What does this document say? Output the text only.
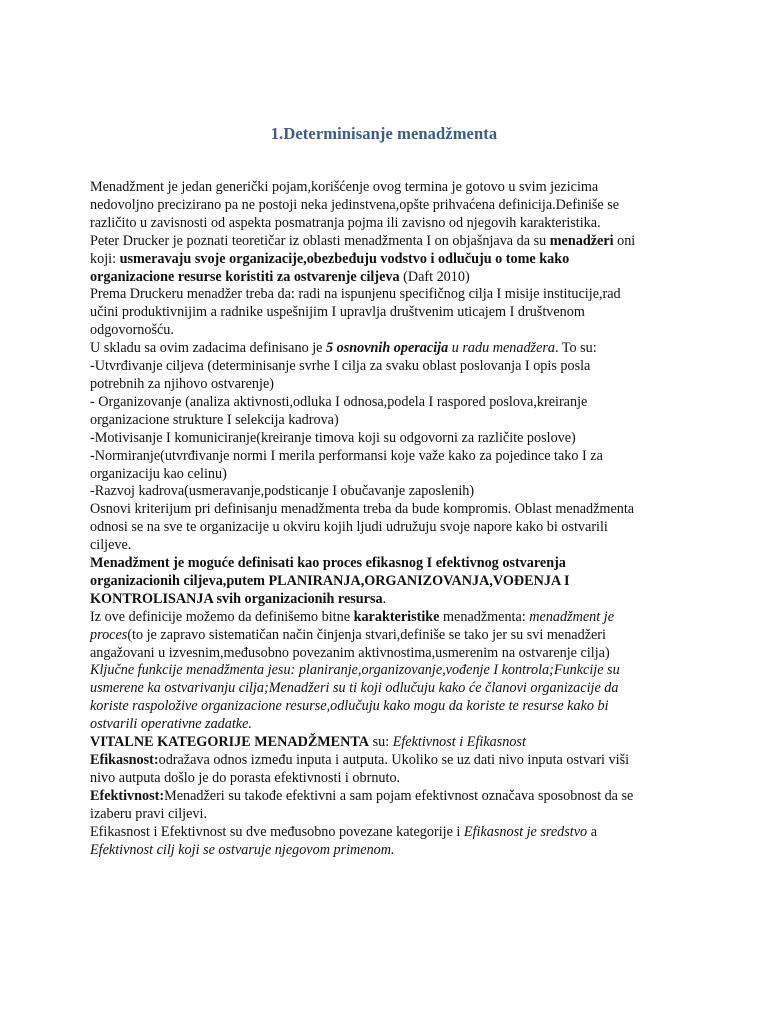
1.Determinisanje menadžmenta
Menadžment je jedan generički pojam,korišćenje ovog termina je gotovo u svim jezicima
nedovoljno precizirano pa ne postoji neka jedinstvena,opšte prihvaćena definicija.Definiše se
različito u zavisnosti od aspekta posmatranja pojma ili zavisno od njegovih karakteristika.
Peter Drucker je poznati teoretičar iz oblasti menadžmenta I on objašnjava da su menadžeri oni
koji: usmeravaju svoje organizacije,obezbeđuju vodstvo i odlučuju o tome kako
organizacione resurse koristiti za ostvarenje ciljeva (Daft 2010)
Prema Druckeru menadžer treba da: radi na ispunjenu specifičnog cilja I misije institucije,rad
učini produktivnijim a radnike uspešnijim I upravlja društvenim uticajem I društvenom
odgovornošću.
U skladu sa ovim zadacima definisano je 5 osnovnih operacija u radu menadžera. To su:
-Utvrđivanje ciljeva (determinisanje svrhe I cilja za svaku oblast poslovanja I opis posla
potrebnih za njihovo ostvarenje)
- Organizovanje (analiza aktivnosti,odluka I odnosa,podela I raspored poslova,kreiranje
organizacione strukture I selekcija kadrova)
-Motivisanje I komuniciranje(kreiranje timova koji su odgovorni za različite poslove)
-Normiranje(utvrđivanje normi I merila performansi koje važe kako za pojedince tako I za
organizaciju kao celinu)
-Razvoj kadrova(usmeravanje,podsticanje I obučavanje zaposlenih)
Osnovi kriterijum pri definisanju menadžmenta treba da bude kompromis. Oblast menadžmenta
odnosi se na sve te organizacije u okviru kojih ljudi udružuju svoje napore kako bi ostvarili
ciljeve.
Menadžment je moguće definisati kao proces efikasnog I efektivnog ostvarenja
organizacionih ciljeva,putem PLANIRANJA,ORGANIZOVANJA,VOĐENJA I
KONTROLISANJA svih organizacionih resursa.
Iz ove definicije možemo da definišemo bitne karakteristike menadžmenta: menadžment je
proces(to je zapravo sistematičan način činjenja stvari,definiše se tako jer su svi menadžeri
angažovani u izvesnim,međusobno povezanim aktivnostima,usmerenim na ostvarenje cilja)
Ključne funkcije menadžmenta jesu: planiranje,organizovanje,vođenje I kontrola;Funkcije su
usmerene ka ostvarivanju cilja;Menadžeri su ti koji odlučuju kako će članovi organizacije da
koriste raspoložive organizacione resurse,odlučuju kako mogu da koriste te resurse kako bi
ostvarili operativne zadatke.
VITALNE KATEGORIJE MENADŽMENTA su: Efektivnost i Efikasnost
Efikasnost:odražava odnos između inputa i autputa. Ukoliko se uz dati nivo inputa ostvari viši
nivo autputa došlo je do porasta efektivnosti i obrnuto.
Efektivnost:Menadžeri su takođe efektivni a sam pojam efektivnost označava sposobnost da se
izaberu pravi ciljevi.
Efikasnost i Efektivnost su dve međusobno povezane kategorije i Efikasnost je sredstvo a
Efektivnost cilj koji se ostvaruje njegovom primenom.
